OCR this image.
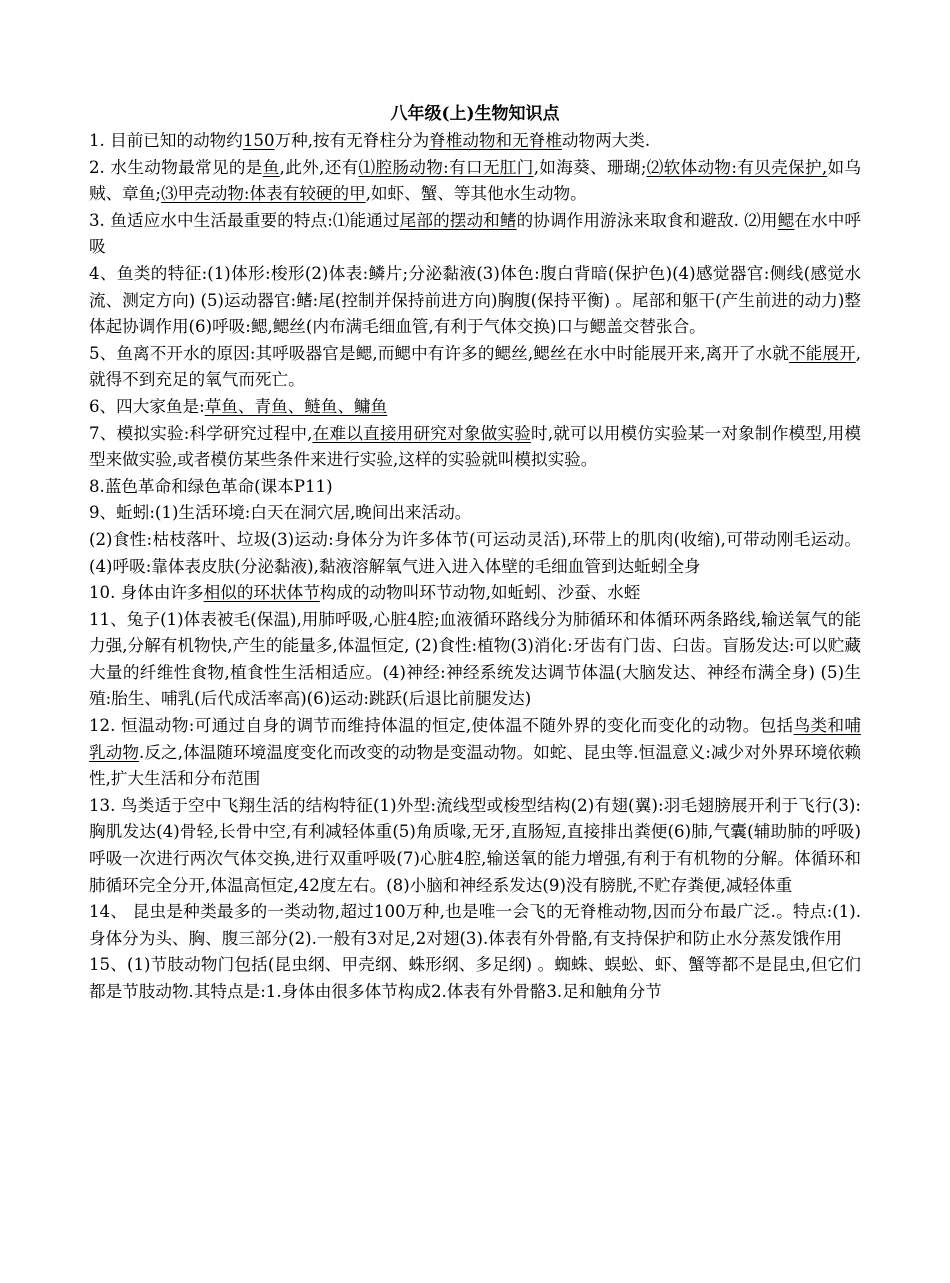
八年级(上)生物知识点

1. 目前已知的动物约150万种,按有无脊柱分为脊椎动物和无脊椎动物两大类.

2. 水生动物最常见的是鱼,此外,还有⑴腔肠动物:有口无肛门,如海葵、珊瑚;⑵软体动物:有贝壳保护,如乌贼、章鱼;⑶甲壳动物:体表有较硬的甲,如虾、蟹、等其他水生动物。

3. 鱼适应水中生活最重要的特点:⑴能通过尾部的摆动和鳍的协调作用游泳来取食和避敌. ⑵用鳃在水中呼吸

4、鱼类的特征:(1)体形:梭形(2)体表:鳞片;分泌黏液(3)体色:腹白背暗(保护色)(4)感觉器官:侧线(感觉水流、测定方向) (5)运动器官:鳍:尾(控制并保持前进方向)胸腹(保持平衡) 。尾部和躯干(产生前进的动力)整体起协调作用(6)呼吸:鳃,鳃丝(内布满毛细血管,有利于气体交换)口与鳃盖交替张合。

5、鱼离不开水的原因:其呼吸器官是鳃,而鳃中有许多的鳃丝,鳃丝在水中时能展开来,离开了水就不能展开,就得不到充足的氧气而死亡。

6、四大家鱼是:草鱼、青鱼、鲢鱼、鳙鱼

7、模拟实验:科学研究过程中,在难以直接用研究对象做实验时,就可以用模仿实验某一对象制作模型,用模型来做实验,或者模仿某些条件来进行实验,这样的实验就叫模拟实验。

8.蓝色革命和绿色革命(课本P11)

9、蚯蚓:(1)生活环境:白天在洞穴居,晚间出来活动。

(2)食性:枯枝落叶、垃圾(3)运动:身体分为许多体节(可运动灵活),环带上的肌肉(收缩),可带动刚毛运动。(4)呼吸:靠体表皮肤(分泌黏液),黏液溶解氧气进入进入体壁的毛细血管到达蚯蚓全身

10. 身体由许多相似的环状体节构成的动物叫环节动物,如蚯蚓、沙蚕、水蛭

11、兔子(1)体表被毛(保温),用肺呼吸,心脏4腔;血液循环路线分为肺循环和体循环两条路线,输送氧气的能力强,分解有机物快,产生的能量多,体温恒定, (2)食性:植物(3)消化:牙齿有门齿、臼齿。盲肠发达:可以贮藏大量的纤维性食物,植食性生活相适应。(4)神经:神经系统发达调节体温(大脑发达、神经布满全身) (5)生殖:胎生、哺乳(后代成活率高)(6)运动:跳跃(后退比前腿发达)

12. 恒温动物:可通过自身的调节而维持体温的恒定,使体温不随外界的变化而变化的动物。包括鸟类和哺乳动物.反之,体温随环境温度变化而改变的动物是变温动物。如蛇、昆虫等.恒温意义:减少对外界环境依赖性,扩大生活和分布范围

13. 鸟类适于空中飞翔生活的结构特征(1)外型:流线型或梭型结构(2)有翅(翼):羽毛翅膀展开利于飞行(3):胸肌发达(4)骨轻,长骨中空,有利减轻体重(5)角质喙,无牙,直肠短,直接排出粪便(6)肺,气囊(辅助肺的呼吸)呼吸一次进行两次气体交换,进行双重呼吸(7)心脏4腔,输送氧的能力增强,有利于有机物的分解。体循环和肺循环完全分开,体温高恒定,42度左右。(8)小脑和神经系发达(9)没有膀胱,不贮存粪便,减轻体重

14、 昆虫是种类最多的一类动物,超过100万种,也是唯一会飞的无脊椎动物,因而分布最广泛.。特点:(1).身体分为头、胸、腹三部分(2).一般有3对足,2对翅(3).体表有外骨骼,有支持保护和防止水分蒸发饿作用

15、(1)节肢动物门包括(昆虫纲、甲壳纲、蛛形纲、多足纲) 。蜘蛛、蜈蚣、虾、蟹等都不是昆虫,但它们都是节肢动物.其特点是:1.身体由很多体节构成2.体表有外骨骼3.足和触角分节
